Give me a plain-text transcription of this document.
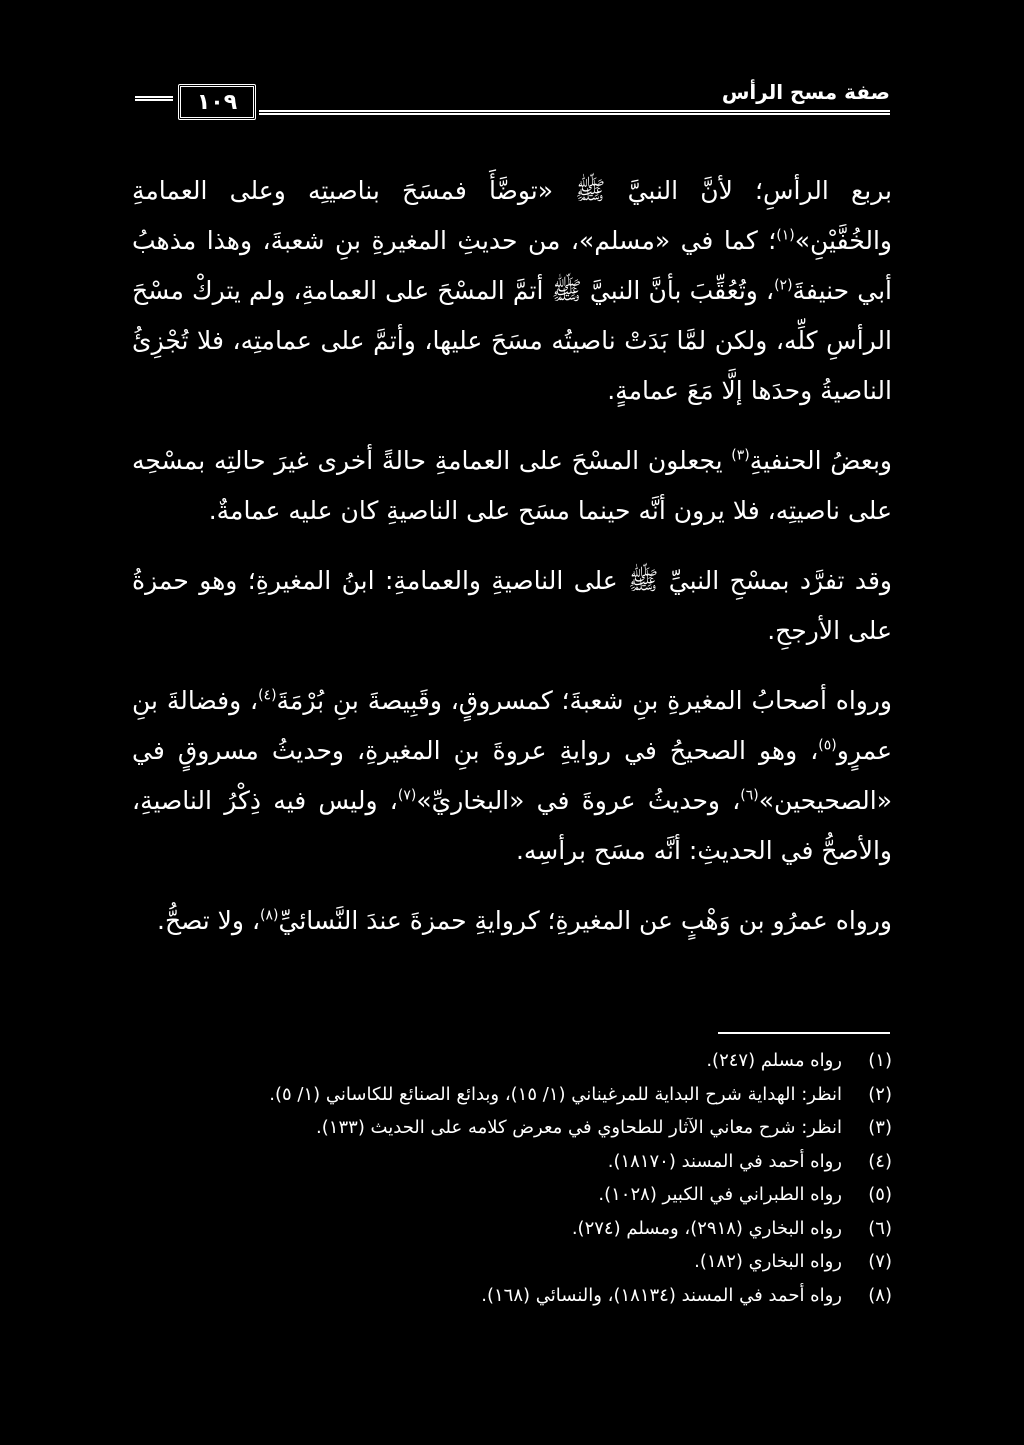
١٠٩	صفة مسح الرأس

بربع الرأسِ؛ لأنَّ النبيَّ ﷺ «توضَّأَ فمسَحَ بناصيتِه وعلى العمامةِ والخُفَّيْنِ»$^{(١)}$؛ كما في «مسلم»، من حديثِ المغيرةِ بنِ شعبةَ، وهذا مذهبُ أبي حنيفةَ$^{(٢)}$، وتُعُقِّبَ بأنَّ النبيَّ ﷺ أتمَّ المسْحَ على العمامةِ، ولم يتركْ مسْحَ الرأسِ كلِّه، ولكن لمَّا بَدَتْ ناصيتُه مسَحَ عليها، وأتمَّ على عمامتِه، فلا تُجْزِئُ الناصيةُ وحدَها إلَّا مَعَ عمامةٍ.

وبعضُ الحنفيةِ$^{(٣)}$ يجعلون المسْحَ على العمامةِ حالةً أخرى غيرَ حالتِه بمسْحِه على ناصيتِه، فلا يرون أنَّه حينما مسَح على الناصيةِ كان عليه عمامةٌ.

وقد تفرَّد بمسْحِ النبيِّ ﷺ على الناصيةِ والعمامةِ: ابنُ المغيرةِ؛ وهو حمزةُ على الأرجحِ.

ورواه أصحابُ المغيرةِ بنِ شعبةَ؛ كمسروقٍ، وقَبِيصةَ بنِ بُرْمَةَ$^{(٤)}$، وفضالةَ بنِ عمرٍو$^{(٥)}$، وهو الصحيحُ في روايةِ عروةَ بنِ المغيرةِ، وحديثُ مسروقٍ في «الصحيحين»$^{(٦)}$، وحديثُ عروةَ في «البخاريِّ»$^{(٧)}$، وليس فيه ذِكْرُ الناصيةِ، والأصحُّ في الحديثِ: أنَّه مسَح برأسِه.

ورواه عمرُو بن وَهْبٍ عن المغيرةِ؛ كروايةِ حمزةَ عندَ النَّسائيِّ$^{(٨)}$، ولا تصحُّ.

(١)
رواه مسلم (٢٤٧).
(٢)
انظر: الهداية شرح البداية للمرغيناني (١/ ١٥)، وبدائع الصنائع للكاساني (١/ ٥).
(٣)
انظر: شرح معاني الآثار للطحاوي في معرض كلامه على الحديث (١٣٣).
(٤)
رواه أحمد في المسند (١٨١٧٠).
(٥)
رواه الطبراني في الكبير (١٠٢٨).
(٦)
رواه البخاري (٢٩١٨)، ومسلم (٢٧٤).
(٧)
رواه البخاري (١٨٢).
(٨)
رواه أحمد في المسند (١٨١٣٤)، والنسائي (١٦٨).
